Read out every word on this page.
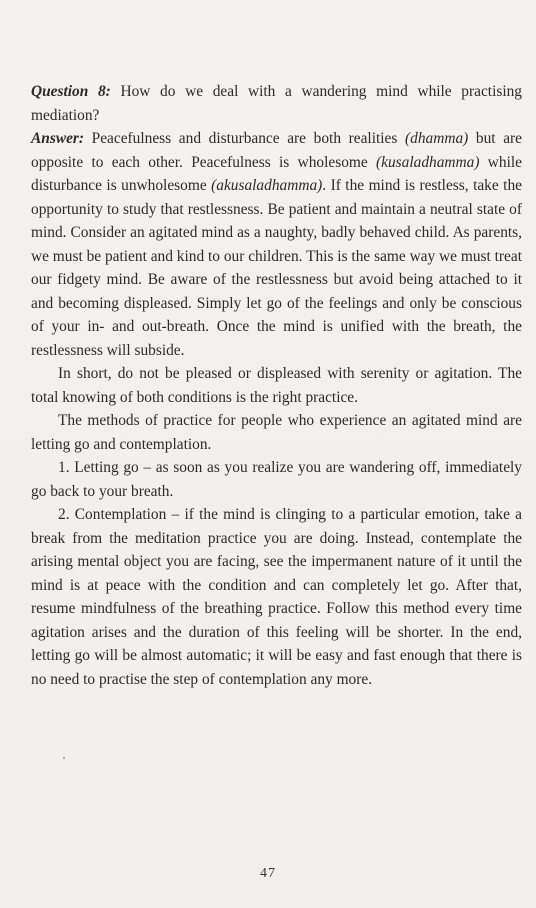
Question 8: How do we deal with a wandering mind while practising mediation?

Answer: Peacefulness and disturbance are both realities (dhamma) but are opposite to each other. Peacefulness is wholesome (kusaladhamma) while disturbance is unwholesome (akusaladhamma). If the mind is restless, take the opportunity to study that restlessness. Be patient and maintain a neutral state of mind. Consider an agitated mind as a naughty, badly behaved child. As parents, we must be patient and kind to our children. This is the same way we must treat our fidgety mind. Be aware of the restlessness but avoid being attached to it and becoming displeased. Simply let go of the feelings and only be conscious of your in- and out-breath. Once the mind is unified with the breath, the restlessness will subside.

In short, do not be pleased or displeased with serenity or agitation. The total knowing of both conditions is the right practice.

The methods of practice for people who experience an agitated mind are letting go and contemplation.

1. Letting go – as soon as you realize you are wandering off, immediately go back to your breath.

2. Contemplation – if the mind is clinging to a particular emotion, take a break from the meditation practice you are doing. Instead, contemplate the arising mental object you are facing, see the impermanent nature of it until the mind is at peace with the condition and can completely let go. After that, resume mindfulness of the breathing practice. Follow this method every time agitation arises and the duration of this feeling will be shorter. In the end, letting go will be almost automatic; it will be easy and fast enough that there is no need to practise the step of contemplation any more.

47
